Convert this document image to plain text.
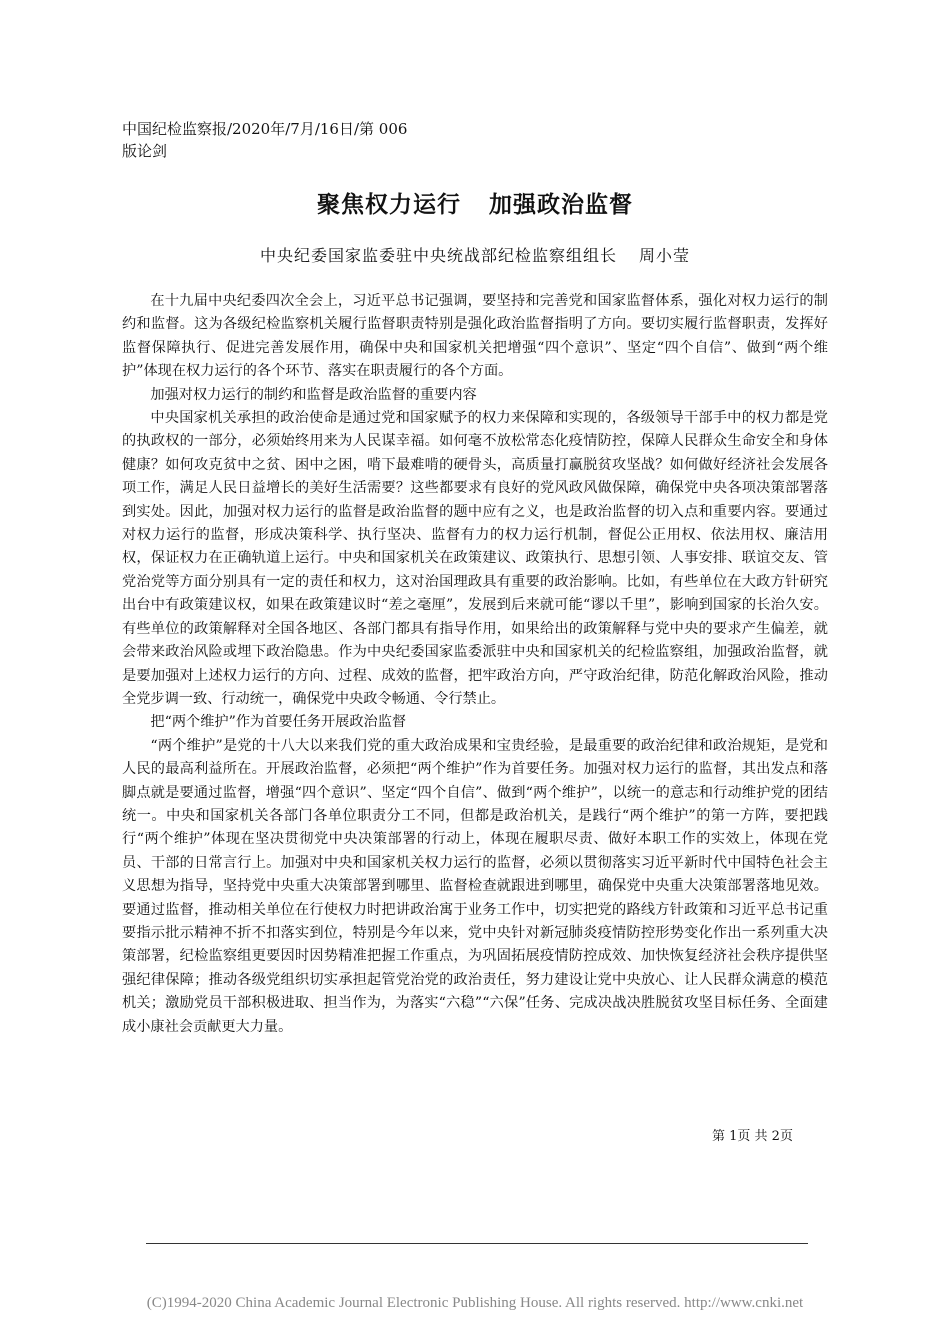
中国纪检监察报/2020年/7月/16日/第 006
版论剑
聚焦权力运行 加强政治监督
中央纪委国家监委驻中央统战部纪检监察组组长 周小莹

在十九届中央纪委四次全会上，习近平总书记强调，要坚持和完善党和国家监督体系，强化对权力运行的制约和监督。这为各级纪检监察机关履行监督职责特别是强化政治监督指明了方向。要切实履行监督职责，发挥好监督保障执行、促进完善发展作用，确保中央和国家机关把增强“四个意识”、坚定“四个自信”、做到“两个维护”体现在权力运行的各个环节、落实在职责履行的各个方面。

加强对权力运行的制约和监督是政治监督的重要内容

中央国家机关承担的政治使命是通过党和国家赋予的权力来保障和实现的，各级领导干部手中的权力都是党的执政权的一部分，必须始终用来为人民谋幸福。如何毫不放松常态化疫情防控，保障人民群众生命安全和身体健康？如何攻克贫中之贫、困中之困，啃下最难啃的硬骨头，高质量打赢脱贫攻坚战？如何做好经济社会发展各项工作，满足人民日益增长的美好生活需要？这些都要求有良好的党风政风做保障，确保党中央各项决策部署落到实处。因此，加强对权力运行的监督是政治监督的题中应有之义，也是政治监督的切入点和重要内容。要通过对权力运行的监督，形成决策科学、执行坚决、监督有力的权力运行机制，督促公正用权、依法用权、廉洁用权，保证权力在正确轨道上运行。中央和国家机关在政策建议、政策执行、思想引领、人事安排、联谊交友、管党治党等方面分别具有一定的责任和权力，这对治国理政具有重要的政治影响。比如，有些单位在大政方针研究出台中有政策建议权，如果在政策建议时“差之毫厘”，发展到后来就可能“谬以千里”，影响到国家的长治久安。有些单位的政策解释对全国各地区、各部门都具有指导作用，如果给出的政策解释与党中央的要求产生偏差，就会带来政治风险或埋下政治隐患。作为中央纪委国家监委派驻中央和国家机关的纪检监察组，加强政治监督，就是要加强对上述权力运行的方向、过程、成效的监督，把牢政治方向，严守政治纪律，防范化解政治风险，推动全党步调一致、行动统一，确保党中央政令畅通、令行禁止。

把“两个维护”作为首要任务开展政治监督

“两个维护”是党的十八大以来我们党的重大政治成果和宝贵经验，是最重要的政治纪律和政治规矩，是党和人民的最高利益所在。开展政治监督，必须把“两个维护”作为首要任务。加强对权力运行的监督，其出发点和落脚点就是要通过监督，增强“四个意识”、坚定“四个自信”、做到“两个维护”，以统一的意志和行动维护党的团结统一。中央和国家机关各部门各单位职责分工不同，但都是政治机关，是践行“两个维护”的第一方阵，要把践行“两个维护”体现在坚决贯彻党中央决策部署的行动上，体现在履职尽责、做好本职工作的实效上，体现在党员、干部的日常言行上。加强对中央和国家机关权力运行的监督，必须以贯彻落实习近平新时代中国特色社会主义思想为指导，坚持党中央重大决策部署到哪里、监督检查就跟进到哪里，确保党中央重大决策部署落地见效。要通过监督，推动相关单位在行使权力时把讲政治寓于业务工作中，切实把党的路线方针政策和习近平总书记重要指示批示精神不折不扣落实到位，特别是今年以来，党中央针对新冠肺炎疫情防控形势变化作出一系列重大决策部署，纪检监察组更要因时因势精准把握工作重点，为巩固拓展疫情防控成效、加快恢复经济社会秩序提供坚强纪律保障；推动各级党组织切实承担起管党治党的政治责任，努力建设让党中央放心、让人民群众满意的模范机关；激励党员干部积极进取、担当作为，为落实“六稳”“六保”任务、完成决战决胜脱贫攻坚目标任务、全面建成小康社会贡献更大力量。

第 1页 共 2页
(C)1994-2020 China Academic Journal Electronic Publishing House. All rights reserved. http://www.cnki.net
